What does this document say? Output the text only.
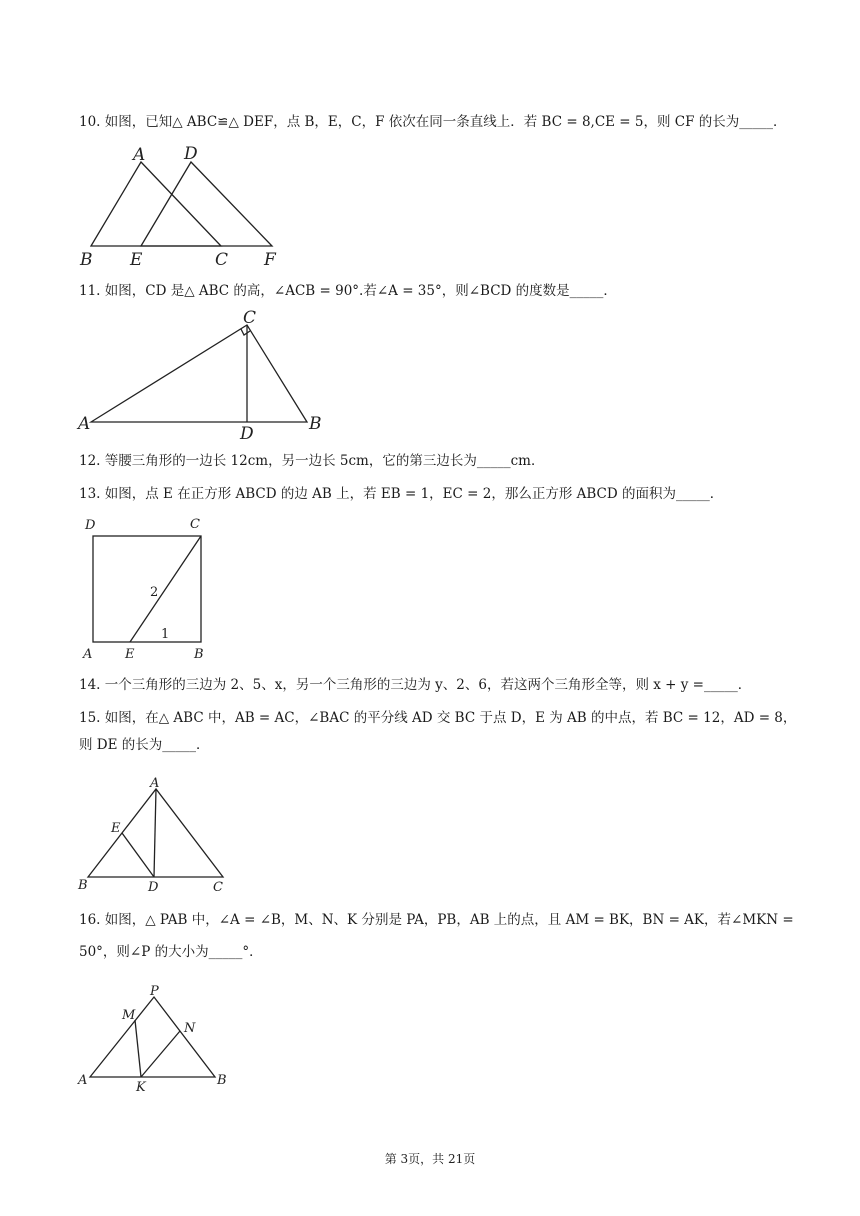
10. 如图，已知△ ABC≌△ DEF，点 B，E，C，F 依次在同一条直线上．若 BC = 8,CE = 5，则 CF 的长为_____．
A D
B E	C F
11. 如图，CD 是△ ABC 的高，∠ACB = 90°.若∠A = 35°，则∠BCD 的度数是_____．
C
A	D	B
12. 等腰三角形的一边长 12cm，另一边长 5cm，它的第三边长为_____cm．
13. 如图，点 E 在正方形 ABCD 的边 AB 上，若 EB = 1，EC = 2，那么正方形 ABCD 的面积为_____．
D	C
A	E	B
2
1
14. 一个三角形的三边为 2、5、x，另一个三角形的三边为 y、2、6，若这两个三角形全等，则 x + y =_____．
15. 如图，在△ ABC 中，AB = AC，∠BAC 的平分线 AD 交 BC 于点 D，E 为 AB 的中点，若 BC = 12，AD = 8，
则 DE 的长为_____．
A
E
B	D	C
16. 如图，△ PAB 中，∠A = ∠B，M、N、K 分别是 PA，PB，AB 上的点，且 AM = BK，BN = AK，若∠MKN =
50°，则∠P 的大小为_____°．
P
M
N
A	K	B
第 3页，共 21页
